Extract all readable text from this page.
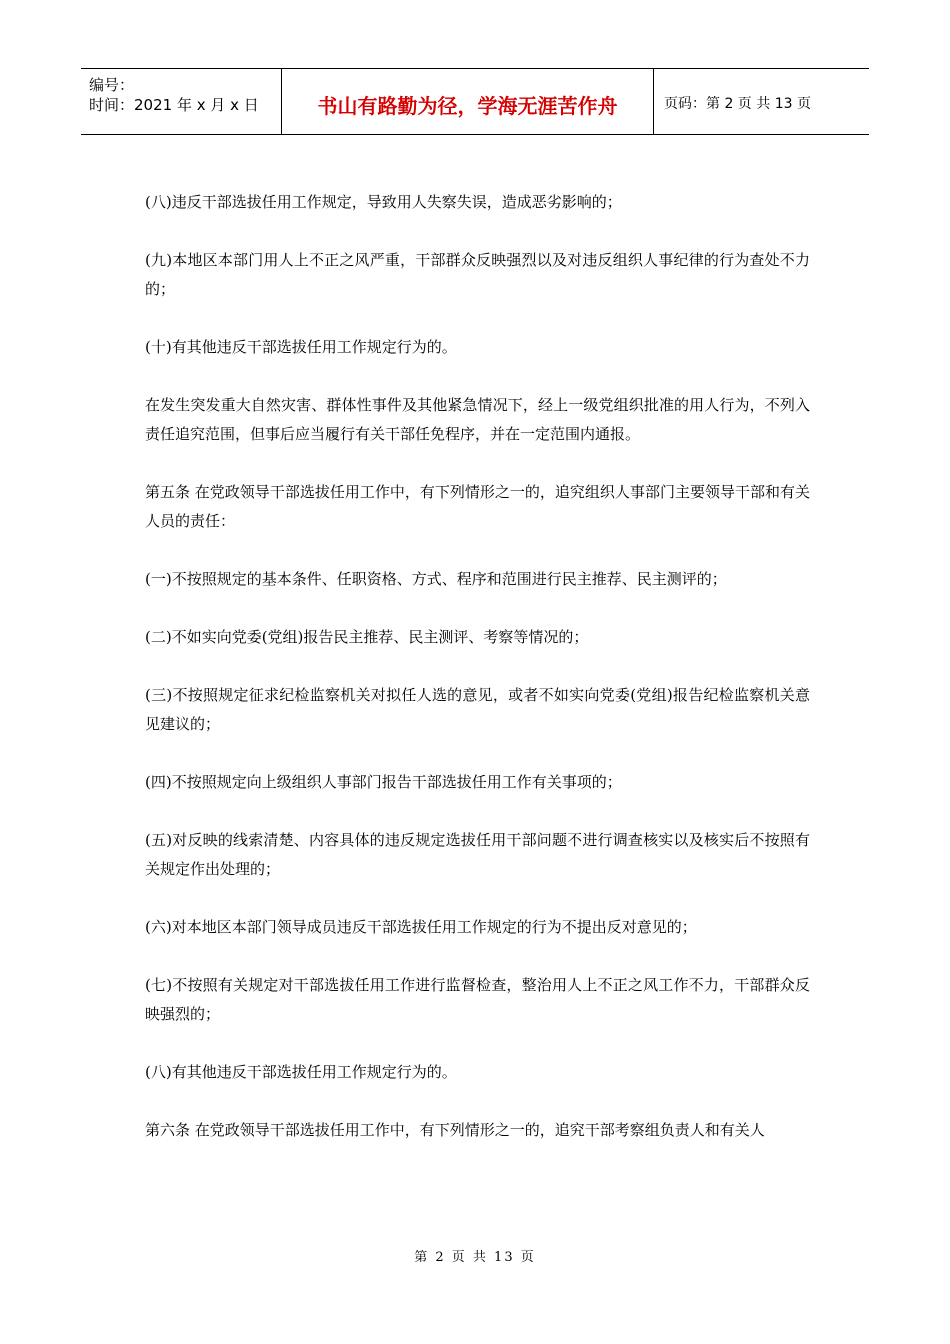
编号：
时间：2021 年 x 月 x 日	书山有路勤为径，学海无涯苦作舟	页码：第 2 页 共 13 页

(八)违反干部选拔任用工作规定，导致用人失察失误，造成恶劣影响的；

(九)本地区本部门用人上不正之风严重，干部群众反映强烈以及对违反组织人事纪律的行为查处不力的；

(十)有其他违反干部选拔任用工作规定行为的。

在发生突发重大自然灾害、群体性事件及其他紧急情况下，经上一级党组织批准的用人行为，不列入责任追究范围，但事后应当履行有关干部任免程序，并在一定范围内通报。

第五条 在党政领导干部选拔任用工作中，有下列情形之一的，追究组织人事部门主要领导干部和有关人员的责任：

(一)不按照规定的基本条件、任职资格、方式、程序和范围进行民主推荐、民主测评的；

(二)不如实向党委(党组)报告民主推荐、民主测评、考察等情况的；

(三)不按照规定征求纪检监察机关对拟任人选的意见，或者不如实向党委(党组)报告纪检监察机关意见建议的；

(四)不按照规定向上级组织人事部门报告干部选拔任用工作有关事项的；

(五)对反映的线索清楚、内容具体的违反规定选拔任用干部问题不进行调查核实以及核实后不按照有关规定作出处理的；

(六)对本地区本部门领导成员违反干部选拔任用工作规定的行为不提出反对意见的；

(七)不按照有关规定对干部选拔任用工作进行监督检查，整治用人上不正之风工作不力，干部群众反映强烈的；

(八)有其他违反干部选拔任用工作规定行为的。

第六条 在党政领导干部选拔任用工作中，有下列情形之一的，追究干部考察组负责人和有关人

第 2 页 共 13 页
